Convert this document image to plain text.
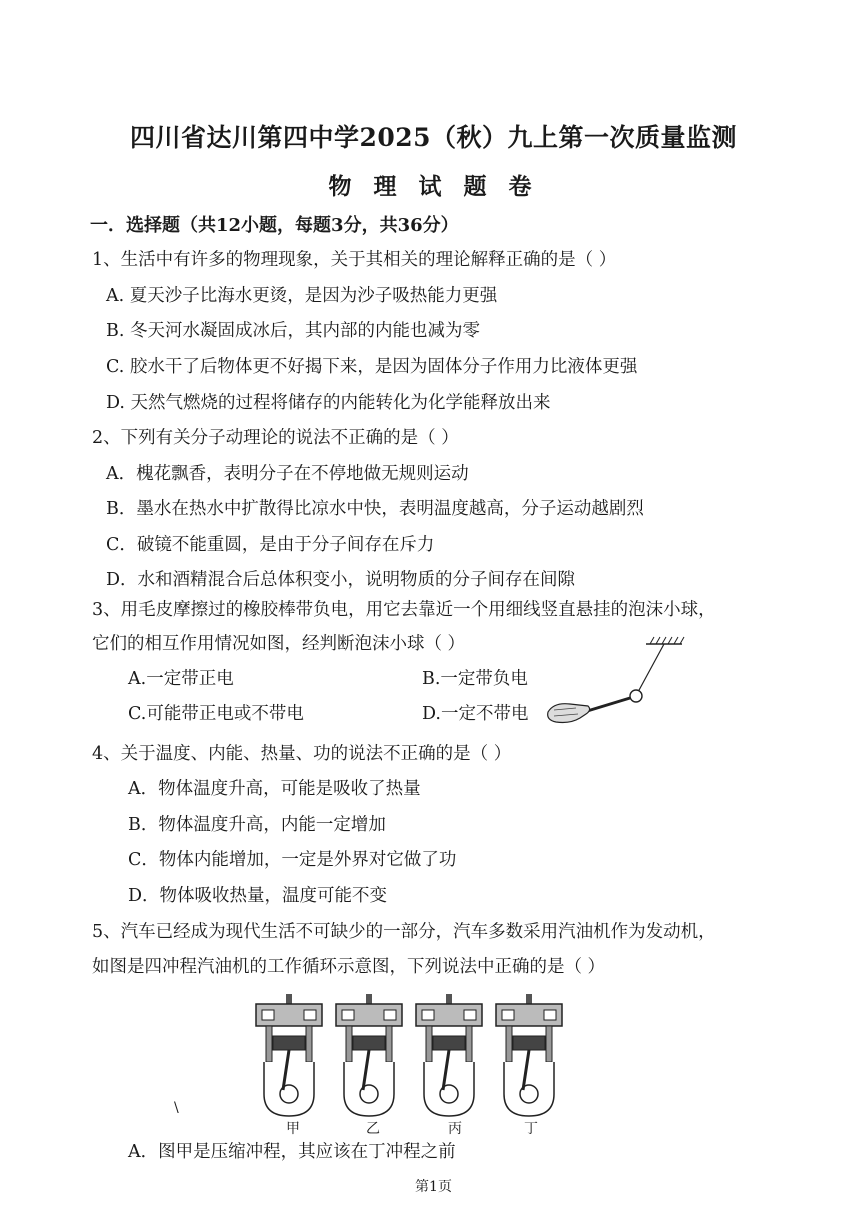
四川省达川第四中学2025（秋）九上第一次质量监测
物 理 试 题 卷
一．选择题（共12小题，每题3分，共36分）
1、生活中有许多的物理现象，关于其相关的理论解释正确的是（ ）
A. 夏天沙子比海水更烫，是因为沙子吸热能力更强
B. 冬天河水凝固成冰后，其内部的内能也减为零
C. 胶水干了后物体更不好揭下来，是因为固体分子作用力比液体更强
D. 天然气燃烧的过程将储存的内能转化为化学能释放出来
2、下列有关分子动理论的说法不正确的是（ ）
A．槐花飘香，表明分子在不停地做无规则运动
B．墨水在热水中扩散得比凉水中快，表明温度越高，分子运动越剧烈
C．破镜不能重圆，是由于分子间存在斥力
D．水和酒精混合后总体积变小，说明物质的分子间存在间隙
3、用毛皮摩擦过的橡胶棒带负电，用它去靠近一个用细线竖直悬挂的泡沫小球，
它们的相互作用情况如图，经判断泡沫小球（ ）
A.一定带正电	B.一定带负电
C.可能带正电或不带电	D.一定不带电
4、关于温度、内能、热量、功的说法不正确的是（ ）
A．物体温度升高，可能是吸收了热量
B．物体温度升高，内能一定增加
C．物体内能增加，一定是外界对它做了功
D．物体吸收热量，温度可能不变
5、汽车已经成为现代生活不可缺少的一部分，汽车多数采用汽油机作为发动机，
如图是四冲程汽油机的工作循环示意图，下列说法中正确的是（ ）
\
甲	乙	丙	丁
A．图甲是压缩冲程，其应该在丁冲程之前
第1页
